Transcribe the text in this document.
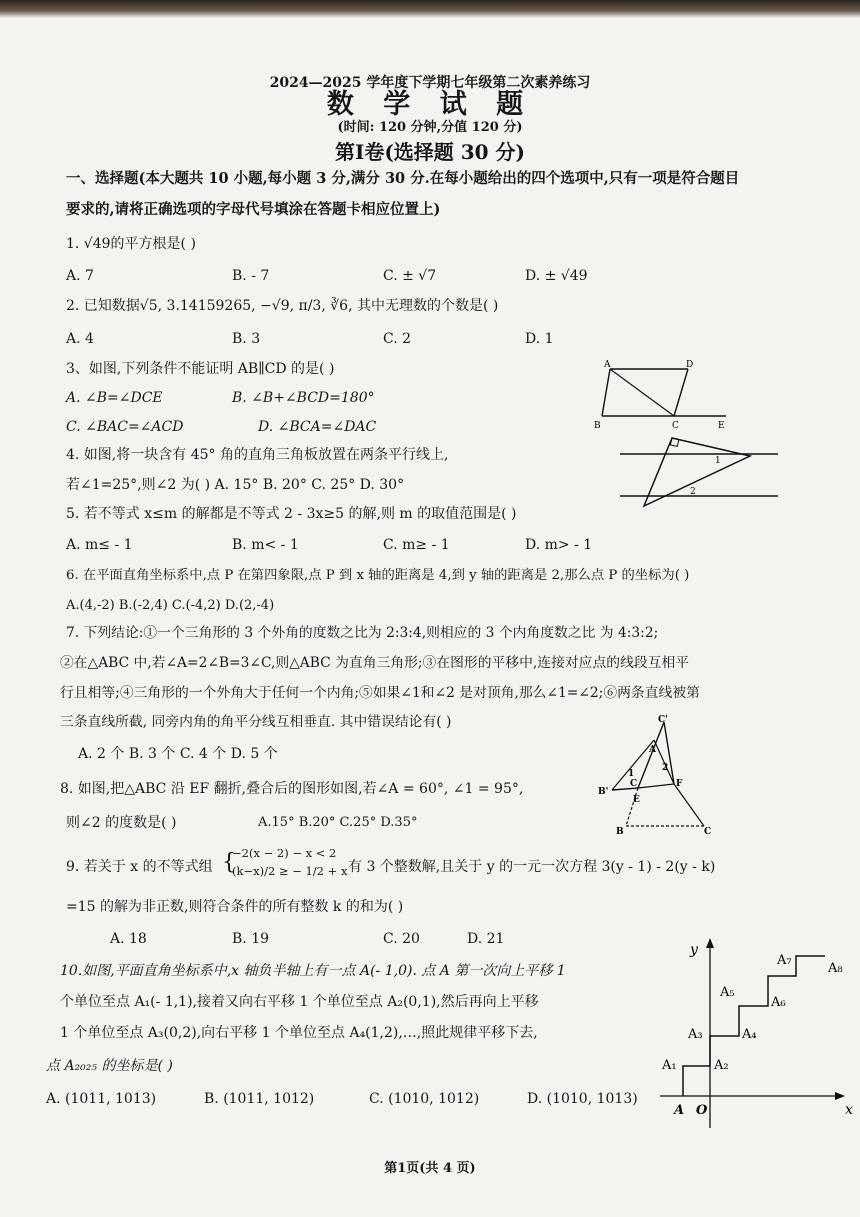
2024—2025 学年度下学期七年级第二次素养练习
数 学 试 题
(时间: 120 分钟,分值 120 分)
第Ⅰ卷(选择题 30 分)
一、选择题(本大题共 10 小题,每小题 3 分,满分 30 分.在每小题给出的四个选项中,只有一项是符合题目
要求的,请将正确选项的字母代号填涂在答题卡相应位置上)
1. √49的平方根是( )
A. 7	B. - 7	C. ± √7	D. ± √49
2. 已知数据√5, 3.14159265, −√9, π/3, ∛6, 其中无理数的个数是( )
A. 4	B. 3	C. 2	D. 1
3、如图,下列条件不能证明 AB∥CD 的是( )
A. ∠B=∠DCE	B. ∠B+∠BCD=180°
C. ∠BAC=∠ACD	D. ∠BCA=∠DAC
A	D
B	C	E
4. 如图,将一块含有 45° 角的直角三角板放置在两条平行线上,
若∠1=25°,则∠2 为( ) A. 15° B. 20° C. 25° D. 30°
1
2
5. 若不等式 x≤m 的解都是不等式 2 - 3x≥5 的解,则 m 的取值范围是( )
A. m≤ - 1	B. m< - 1	C. m≥ - 1	D. m> - 1
6. 在平面直角坐标系中,点 P 在第四象限,点 P 到 x 轴的距离是 4,到 y 轴的距离是 2,那么点 P 的坐标为( )
A.(4,-2) B.(-2,4) C.(-4,2) D.(2,-4)
7. 下列结论:①一个三角形的 3 个外角的度数之比为 2:3:4,则相应的 3 个内角度数之比 为 4:3:2;
②在△ABC 中,若∠A=2∠B=3∠C,则△ABC 为直角三角形;③在图形的平移中,连接对应点的线段互相平
行且相等;④三角形的一个外角大于任何一个内角;⑤如果∠1和∠2 是对顶角,那么∠1=∠2;⑥两条直线被第
三条直线所截, 同旁内角的角平分线互相垂直. 其中错误结论有( )
A. 2 个 B. 3 个 C. 4 个 D. 5 个
8. 如图,把△ABC 沿 EF 翻折,叠合后的图形如图,若∠A = 60°, ∠1 = 95°,
则∠2 的度数是( )	A.15° B.20° C.25° D.35°
C'
A
B'
C
E
F
1
2
B	C
9. 若关于 x 的不等式组 {
−2(x − 2) − x < 2
(k−x)/2 ≥ − 1/2 + x 有 3 个整数解,且关于 y 的一元一次方程 3(y - 1) - 2(y - k)
=15 的解为非正数,则符合条件的所有整数 k 的和为( )
A. 18	B. 19	C. 20	D. 21
10.如图,平面直角坐标系中,x 轴负半轴上有一点 A(- 1,0). 点 A 第一次向上平移 1
个单位至点 A₁(- 1,1),接着又向右平移 1 个单位至点 A₂(0,1),然后再向上平移
1 个单位至点 A₃(0,2),向右平移 1 个单位至点 A₄(1,2),…,照此规律平移下去,
点 A₂₀₂₅ 的坐标是( )
A. (1011, 1013)	B. (1011, 1012)	C. (1010, 1012)	D. (1010, 1013)
y
x
A O
A₁	A₂
A₃	A₄
A₅
A₆
A₇
A₈
第1页(共 4 页)
